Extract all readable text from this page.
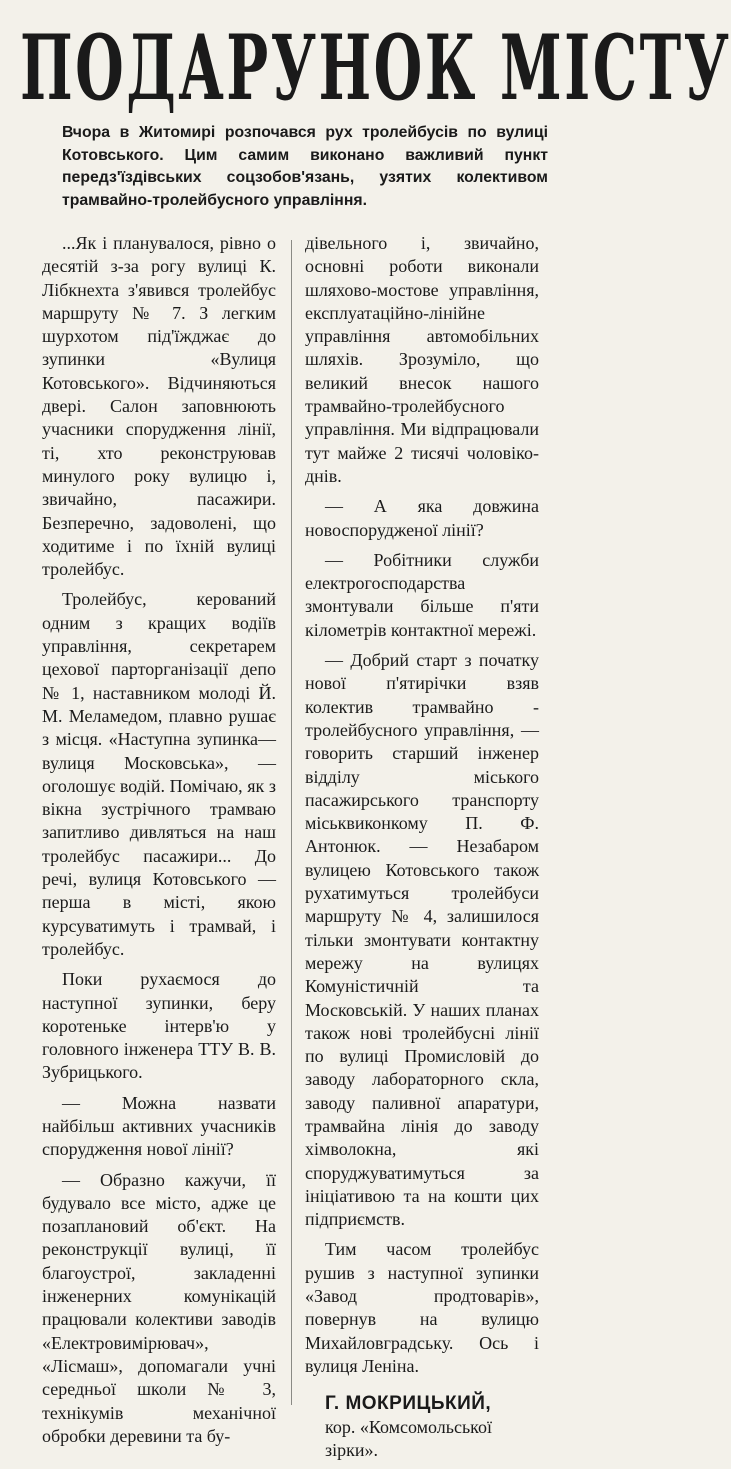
ПОДАРУНОК МІСТУ
Вчора в Житомирі розпочався рух тролейбусів по вулиці Котовського. Цим самим виконано важливий пункт передз'їздівських соцзобов'язань, узятих колективом трамвайно-тролейбусного управління.

...Як і планувалося, рівно о десятій з-за рогу вулиці К. Лібкнехта з'явився тролейбус маршруту № 7. З легким шурхотом під'їжджає до зупинки «Вулиця Котовського». Відчиняються двері. Салон заповнюють учасники спорудження лінії, ті, хто реконструював минулого року вулицю і, звичайно, пасажири. Безперечно, задоволені, що ходитиме і по їхній вулиці тролейбус.

Тролейбус, керований одним з кращих водіїв управління, секретарем цехової парторганізації депо № 1, наставником молоді Й. М. Меламедом, плавно рушає з місця. «Наступна зупинка— вулиця Московська», — оголошує водій. Помічаю, як з вікна зустрічного трамваю запитливо дивляться на наш тролейбус пасажири... До речі, вулиця Котовського — перша в місті, якою курсуватимуть і трамвай, і тролейбус.

Поки рухаємося до наступної зупинки, беру коротеньке інтерв'ю у головного інженера ТТУ В. В. Зубрицького.

— Можна назвати найбільш активних учасників спорудження нової лінії?

— Образно кажучи, її будувало все місто, адже це позаплановий об'єкт. На реконструкції вулиці, її благоустрої, закладенні інженерних комунікацій працювали колективи заводів «Електровимірювач», «Лісмаш», допомагали учні середньої школи № 3, технікумів механічної обробки деревини та бу-

дівельного і, звичайно, основні роботи виконали шляхово-мостове управління, експлуатаційно-лінійне управління автомобільних шляхів. Зрозуміло, що великий внесок нашого трамвайно-тролейбусного управління. Ми відпрацювали тут майже 2 тисячі чоловіко-днів.

— А яка довжина новоспорудженої лінії?

— Робітники служби електрогосподарства змонтували більше п'яти кілометрів контактної мережі.

— Добрий старт з початку нової п'ятирічки взяв колектив трамвайно - тролейбусного управління, — говорить старший інженер відділу міського пасажирського транспорту міськвиконкому П. Ф. Антонюк. — Незабаром вулицею Котовського також рухатимуться тролейбуси маршруту № 4, залишилося тільки змонтувати контактну мережу на вулицях Комуністичній та Московській. У наших планах також нові тролейбусні лінії по вулиці Промисловій до заводу лабораторного скла, заводу паливної апаратури, трамвайна лінія до заводу хімволокна, які споруджуватимуться за ініціативою та на кошти цих підприємств.

Тим часом тролейбус рушив з наступної зупинки «Завод продтоварів», повернув на вулицю Михайловградську. Ось і вулиця Леніна.

Г. МОКРИЦЬКИЙ,

кор. «Комсомольської зірки».
